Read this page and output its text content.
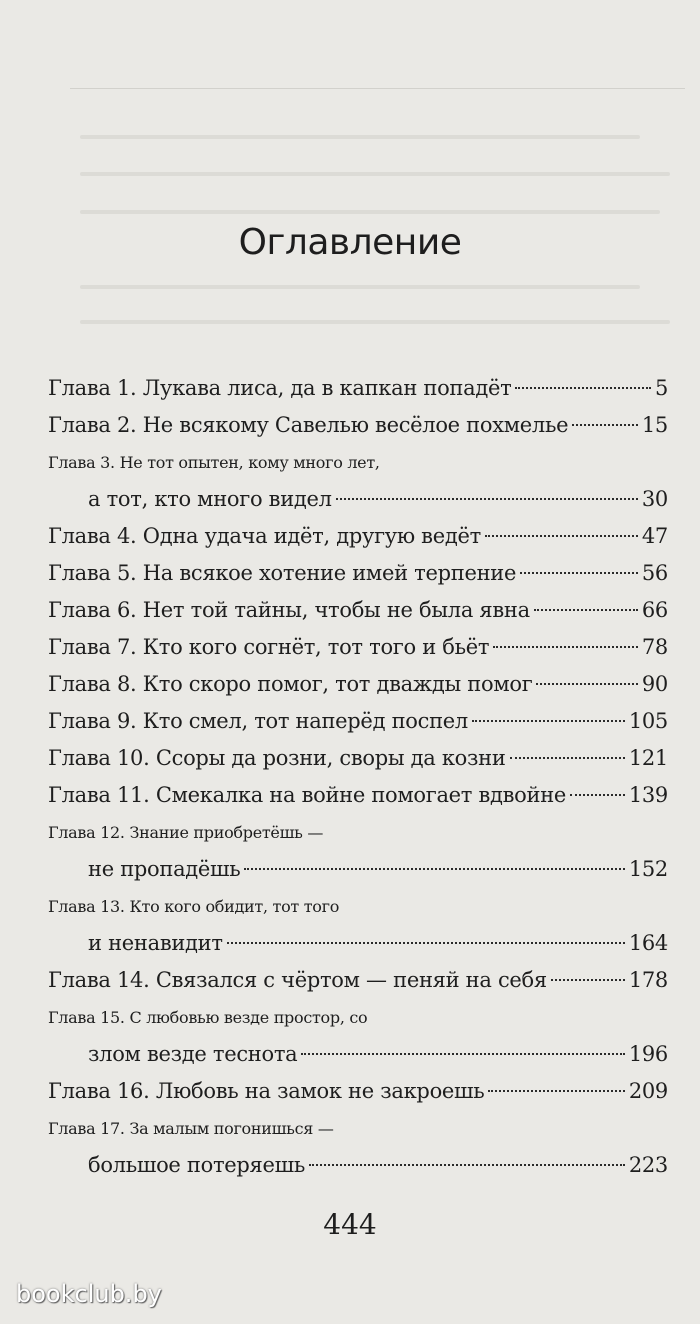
Оглавление
Глава 1. Лукава лиса, да в капкан попадёт	5
Глава 2. Не всякому Савелью весёлое похмелье	15
Глава 3. Не тот опытен, кому много лет,
а тот, кто много видел	30
Глава 4. Одна удача идёт, другую ведёт	47
Глава 5. На всякое хотение имей терпение	56
Глава 6. Нет той тайны, чтобы не была явна	66
Глава 7. Кто кого согнёт, тот того и бьёт	78
Глава 8. Кто скоро помог, тот дважды помог	90
Глава 9. Кто смел, тот наперёд поспел	105
Глава 10. Ссоры да розни, своры да козни	121
Глава 11. Смекалка на войне помогает вдвойне	139
Глава 12. Знание приобретёшь —
не пропадёшь	152
Глава 13. Кто кого обидит, тот того
и ненавидит	164
Глава 14. Связался с чёртом — пеняй на себя	178
Глава 15. С любовью везде простор, со
злом везде теснота	196
Глава 16. Любовь на замок не закроешь	209
Глава 17. За малым погонишься —
большое потеряешь	223
444
bookclub.by
